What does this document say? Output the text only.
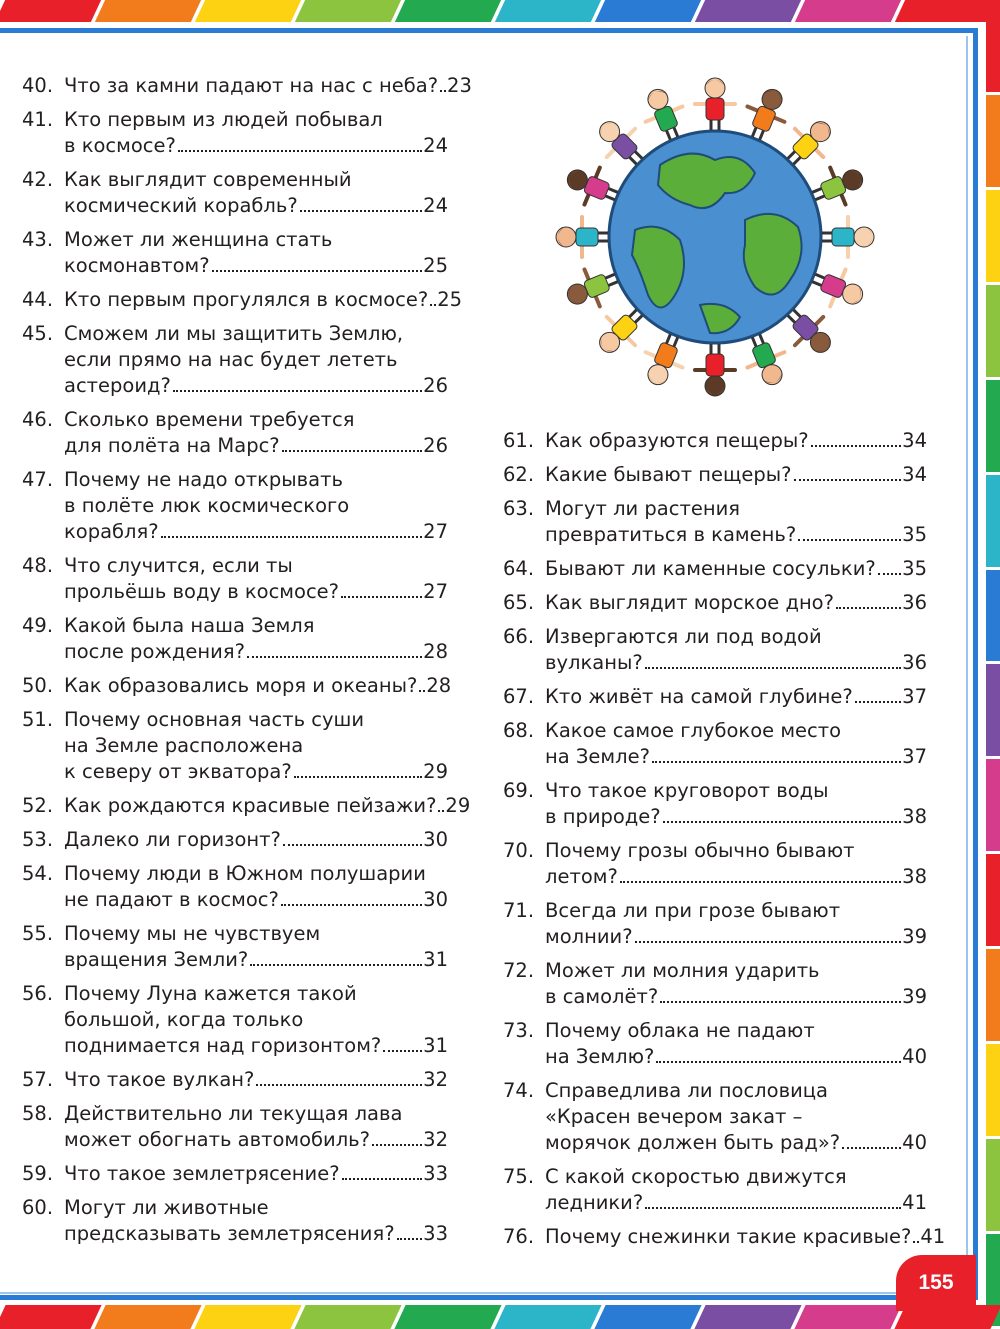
40. Что за камни падают на нас с неба? 23
41. Кто первым из людей побывал
в космосе?	24
42. Как выглядит современный
космический корабль?	24
43. Может ли женщина стать
космонавтом?	25
44. Кто первым прогулялся в космосе? 25
45. Сможем ли мы защитить Землю,
если прямо на нас будет лететь
астероид?	26
46. Сколько времени требуется
для полёта на Марс?	26
47. Почему не надо открывать
в полёте люк космического
корабля?	27
48. Что случится, если ты
прольёшь воду в космосе?	27
49. Какой была наша Земля
после рождения?	28
50. Как образовались моря и океаны? 28
51. Почему основная часть суши
на Земле расположена
к северу от экватора?	29
52. Как рождаются красивые пейзажи? 29
53. Далеко ли горизонт?	30
54. Почему люди в Южном полушарии
не падают в космос?	30
55. Почему мы не чувствуем
вращения Земли?	31
56. Почему Луна кажется такой
большой, когда только
поднимается над горизонтом? 31
57. Что такое вулкан?	32
58. Действительно ли текущая лава
может обогнать автомобиль?	32
59. Что такое землетрясение?	33
60. Могут ли животные
предсказывать землетрясения? 33
61. Как образуются пещеры?	34
62. Какие бывают пещеры?	34
63. Могут ли растения
превратиться в камень?	35
64. Бывают ли каменные сосульки? 35
65. Как выглядит морское дно?	36
66. Извергаются ли под водой
вулканы?	36
67. Кто живёт на самой глубине?	37
68. Какое самое глубокое место
на Земле?	37
69. Что такое круговорот воды
в природе?	38
70. Почему грозы обычно бывают
летом?	38
71. Всегда ли при грозе бывают
молнии?	39
72. Может ли молния ударить
в самолёт?	39
73. Почему облака не падают
на Землю?	40
74. Справедлива ли пословица
«Красен вечером закат –
морячок должен быть рад»?	40
75. С какой скоростью движутся
ледники?	41
76. Почему снежинки такие красивые? 41
155
